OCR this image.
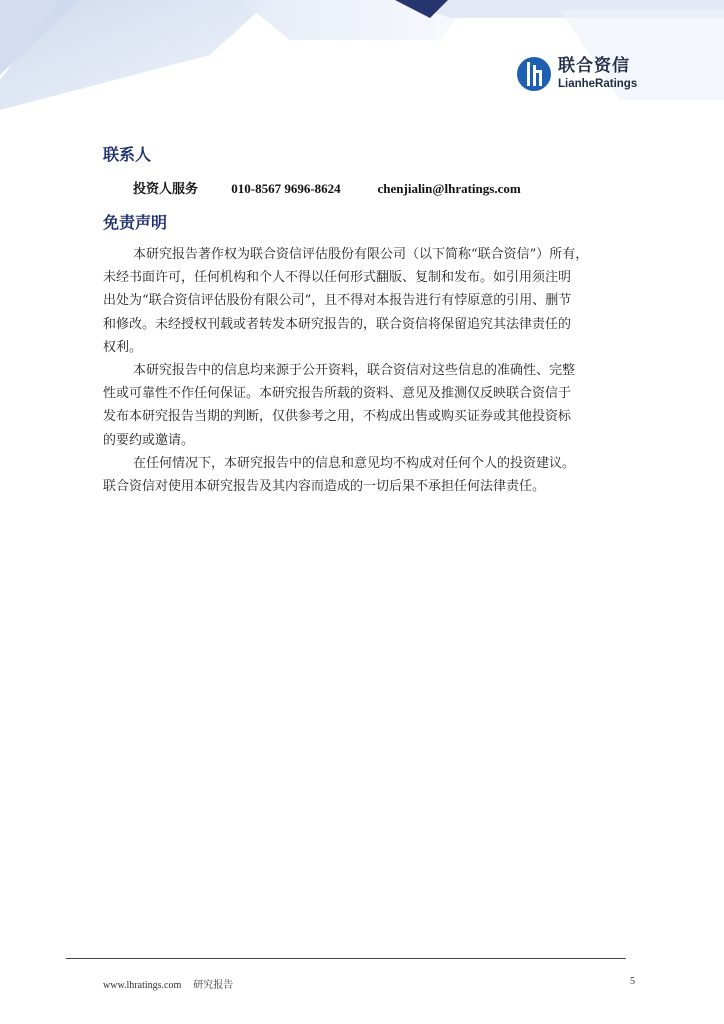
联合资信
LianheRatings
联系人
投资人服务	010-8567 9696-8624	chenjialin@lhratings.com
免责声明

本研究报告著作权为联合资信评估股份有限公司（以下简称“联合资信”）所有，

未经书面许可，任何机构和个人不得以任何形式翻版、复制和发布。如引用须注明

出处为“联合资信评估股份有限公司”，且不得对本报告进行有悖原意的引用、删节

和修改。未经授权刊载或者转发本研究报告的，联合资信将保留追究其法律责任的

权利。

本研究报告中的信息均来源于公开资料，联合资信对这些信息的准确性、完整

性或可靠性不作任何保证。本研究报告所载的资料、意见及推测仅反映联合资信于

发布本研究报告当期的判断，仅供参考之用，不构成出售或购买证券或其他投资标

的要约或邀请。

在任何情况下，本研究报告中的信息和意见均不构成对任何个人的投资建议。

联合资信对使用本研究报告及其内容而造成的一切后果不承担任何法律责任。

www.lhratings.com 研究报告	5
